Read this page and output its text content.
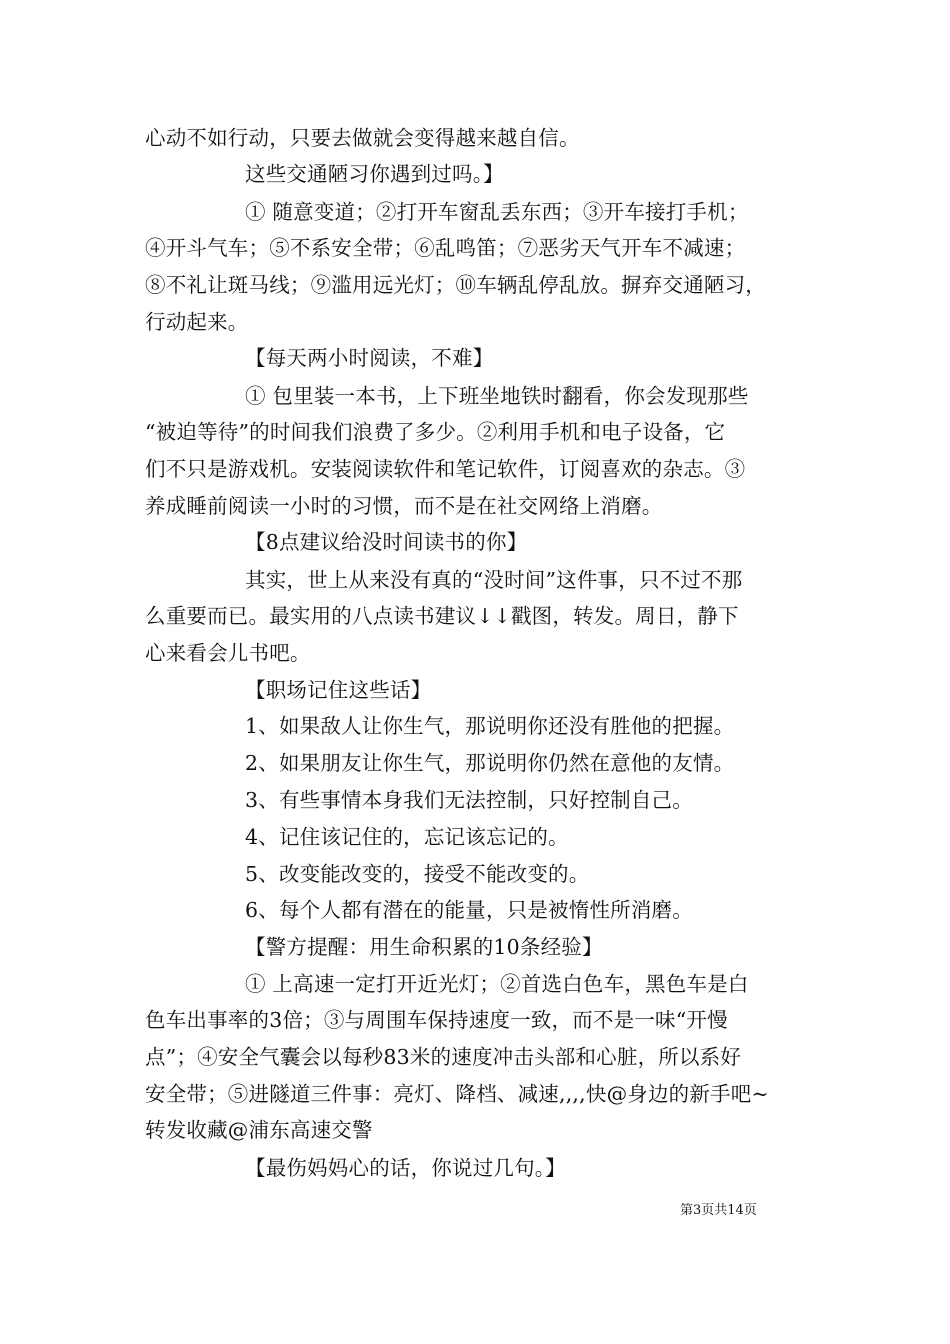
心动不如行动，只要去做就会变得越来越自信。
这些交通陋习你遇到过吗。】
① 随意变道；②打开车窗乱丢东西；③开车接打手机；
④开斗气车；⑤不系安全带；⑥乱鸣笛；⑦恶劣天气开车不减速；
⑧不礼让斑马线；⑨滥用远光灯；⑩车辆乱停乱放。摒弃交通陋习，
行动起来。
【每天两小时阅读，不难】
① 包里装一本书，上下班坐地铁时翻看，你会发现那些
“被迫等待”的时间我们浪费了多少。②利用手机和电子设备，它
们不只是游戏机。安装阅读软件和笔记软件，订阅喜欢的杂志。③
养成睡前阅读一小时的习惯，而不是在社交网络上消磨。
【8点建议给没时间读书的你】
其实，世上从来没有真的“没时间”这件事，只不过不那
么重要而已。最实用的八点读书建议↓↓戳图，转发。周日，静下
心来看会儿书吧。
【职场记住这些话】
1、如果敌人让你生气，那说明你还没有胜他的把握。
2、如果朋友让你生气，那说明你仍然在意他的友情。
3、有些事情本身我们无法控制，只好控制自己。
4、记住该记住的，忘记该忘记的。
5、改变能改变的，接受不能改变的。
6、每个人都有潜在的能量，只是被惰性所消磨。
【警方提醒：用生命积累的10条经验】
① 上高速一定打开近光灯；②首选白色车，黑色车是白
色车出事率的3倍；③与周围车保持速度一致，而不是一味“开慢
点”；④安全气囊会以每秒83米的速度冲击头部和心脏，所以系好
安全带；⑤进隧道三件事：亮灯、降档、减速,,,,快@身边的新手吧~
转发收藏@浦东高速交警
【最伤妈妈心的话，你说过几句。】
第3页共14页
